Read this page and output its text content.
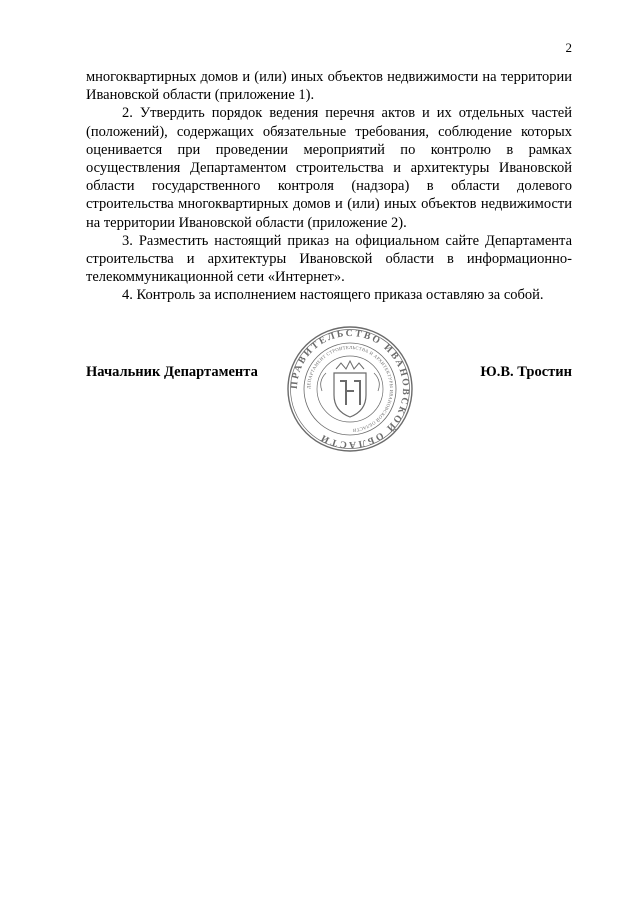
2

многоквартирных домов и (или) иных объектов недвижимости на территории Ивановской области (приложение 1).

2. Утвердить порядок ведения перечня актов и их отдельных частей (положений), содержащих обязательные требования, соблюдение которых оценивается при проведении мероприятий по контролю в рамках осуществления Департаментом строительства и архитектуры Ивановской области государственного контроля (надзора) в области долевого строительства многоквартирных домов и (или) иных объектов недвижимости на территории Ивановской области (приложение 2).

3. Разместить настоящий приказ на официальном сайте Департамента строительства и архитектуры Ивановской области в информационно-телекоммуникационной сети «Интернет».

4. Контроль за исполнением настоящего приказа оставляю за собой.

Начальник Департамента
ПРАВИТЕЛЬСТВО ИВАНОВСКОЙ ОБЛАСТИ
ДЕПАРТАМЕНТ СТРОИТЕЛЬСТВА И АРХИТЕКТУРЫ ИВАНОВСКОЙ ОБЛАСТИ
Ю.В. Тростин
